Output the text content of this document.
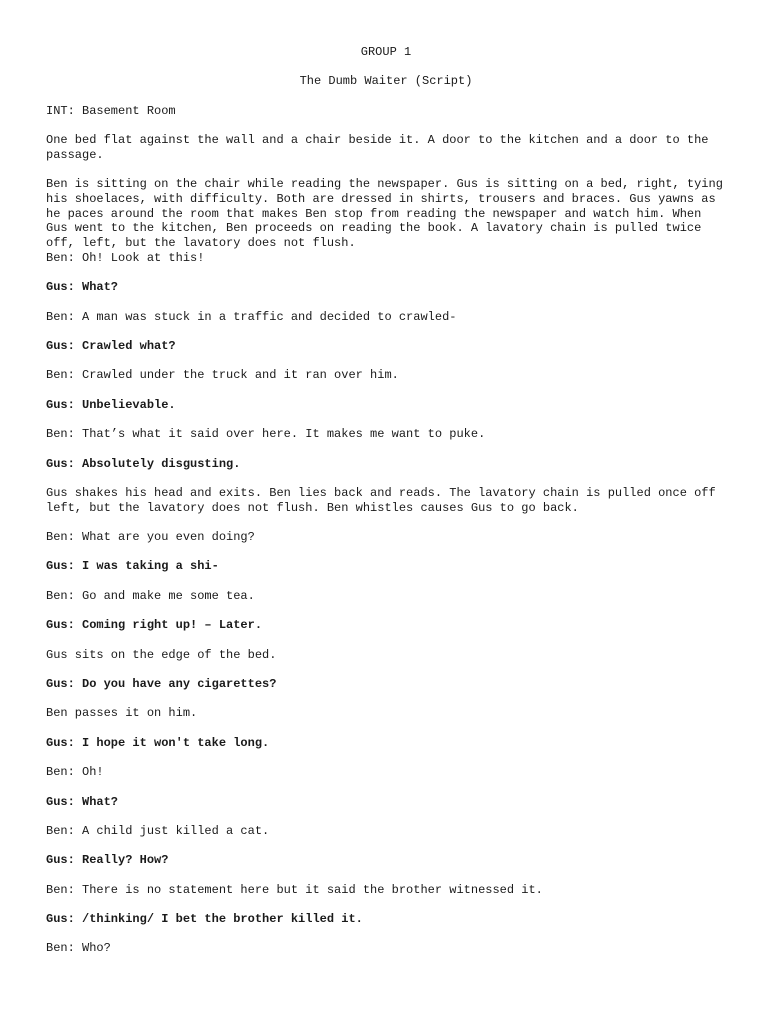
GROUP 1

The Dumb Waiter (Script)

INT: Basement Room

One bed flat against the wall and a chair beside it. A door to the kitchen and a door to the passage.

Ben is sitting on the chair while reading the newspaper. Gus is sitting on a bed, right, tying his shoelaces, with difficulty. Both are dressed in shirts, trousers and braces. Gus yawns as he paces around the room that makes Ben stop from reading the newspaper and watch him. When Gus went to the kitchen, Ben proceeds on reading the book. A lavatory chain is pulled twice off, left, but the lavatory does not flush.

Ben: Oh! Look at this!

Gus: What?

Ben: A man was stuck in a traffic and decided to crawled-

Gus: Crawled what?

Ben: Crawled under the truck and it ran over him.

Gus: Unbelievable.

Ben: That’s what it said over here. It makes me want to puke.

Gus: Absolutely disgusting.

Gus shakes his head and exits. Ben lies back and reads. The lavatory chain is pulled once off left, but the lavatory does not flush. Ben whistles causes Gus to go back.

Ben: What are you even doing?

Gus: I was taking a shi-

Ben: Go and make me some tea.

Gus: Coming right up! – Later.

Gus sits on the edge of the bed.

Gus: Do you have any cigarettes?

Ben passes it on him.

Gus: I hope it won't take long.

Ben: Oh!

Gus: What?

Ben: A child just killed a cat.

Gus: Really? How?

Ben: There is no statement here but it said the brother witnessed it.

Gus: /thinking/ I bet the brother killed it.

Ben: Who?
